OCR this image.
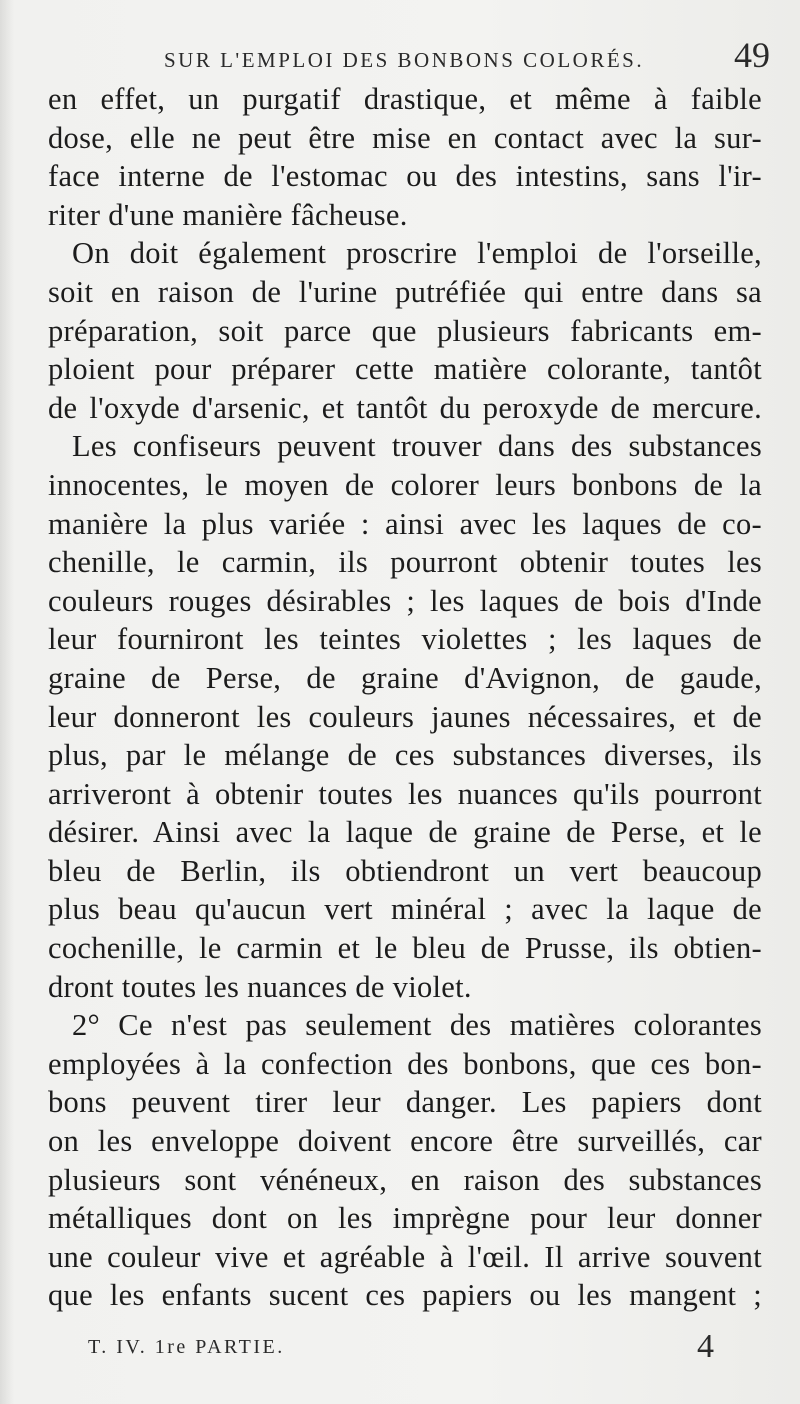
SUR L'EMPLOI DES BONBONS COLORÉS. 49
en effet, un purgatif drastique, et même à faible
dose, elle ne peut être mise en contact avec la sur-
face interne de l'estomac ou des intestins, sans l'ir-
riter d'une manière fâcheuse.
On doit également proscrire l'emploi de l'orseille,
soit en raison de l'urine putréfiée qui entre dans sa
préparation, soit parce que plusieurs fabricants em-
ploient pour préparer cette matière colorante, tantôt
de l'oxyde d'arsenic, et tantôt du peroxyde de mercure.
Les confiseurs peuvent trouver dans des substances
innocentes, le moyen de colorer leurs bonbons de la
manière la plus variée : ainsi avec les laques de co-
chenille, le carmin, ils pourront obtenir toutes les
couleurs rouges désirables ; les laques de bois d'Inde
leur fourniront les teintes violettes ; les laques de
graine de Perse, de graine d'Avignon, de gaude,
leur donneront les couleurs jaunes nécessaires, et de
plus, par le mélange de ces substances diverses, ils
arriveront à obtenir toutes les nuances qu'ils pourront
désirer. Ainsi avec la laque de graine de Perse, et le
bleu de Berlin, ils obtiendront un vert beaucoup
plus beau qu'aucun vert minéral ; avec la laque de
cochenille, le carmin et le bleu de Prusse, ils obtien-
dront toutes les nuances de violet.
2° Ce n'est pas seulement des matières colorantes
employées à la confection des bonbons, que ces bon-
bons peuvent tirer leur danger. Les papiers dont
on les enveloppe doivent encore être surveillés, car
plusieurs sont vénéneux, en raison des substances
métalliques dont on les imprègne pour leur donner
une couleur vive et agréable à l'œil. Il arrive souvent
que les enfants sucent ces papiers ou les mangent ;
T. IV. 1re PARTIE.	4
